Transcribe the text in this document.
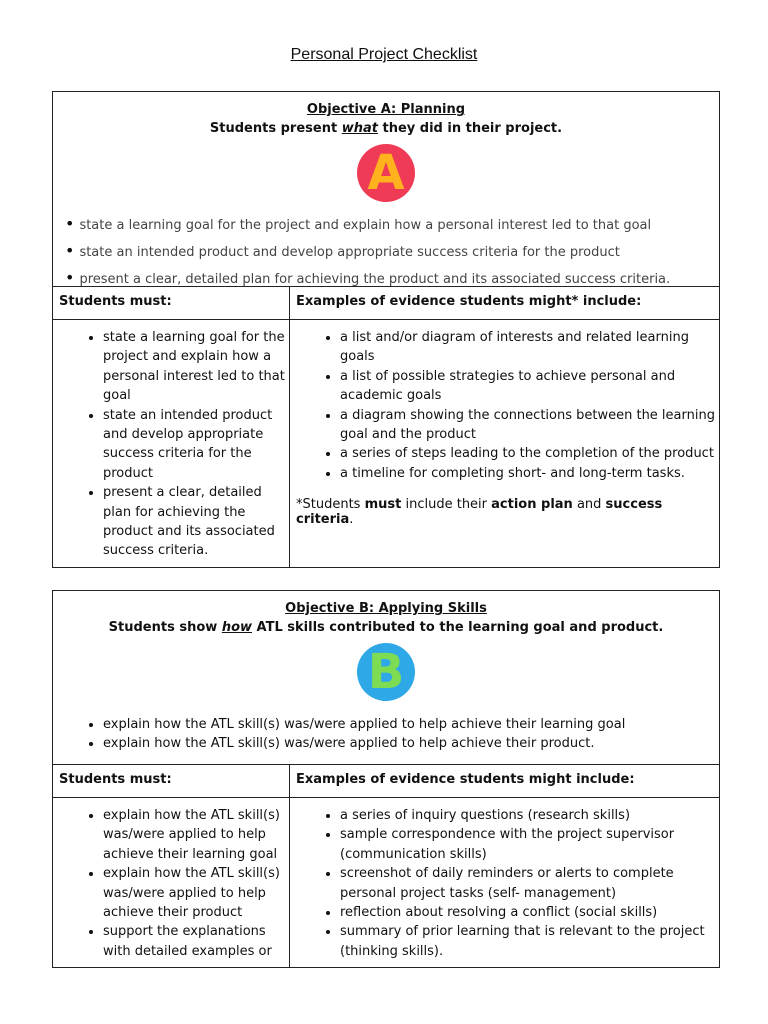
Personal Project Checklist
Objective A: Planning
Students present what they did in their project.
A
• state a learning goal for the project and explain how a personal interest led to that goal
• state an intended product and develop appropriate success criteria for the product
• present a clear, detailed plan for achieving the product and its associated success criteria.
Students must:
• state a learning goal for the project and explain how a personal interest led to that goal
• state an intended product and develop appropriate success criteria for the product
• present a clear, detailed plan for achieving the product and its associated success criteria.
Examples of evidence students might* include:
• a list and/or diagram of interests and related learning goals
• a list of possible strategies to achieve personal and academic goals
• a diagram showing the connections between the learning goal and the product
• a series of steps leading to the completion of the product
• a timeline for completing short- and long-term tasks.
*Students must include their action plan and success criteria.
Objective B: Applying Skills
Students show how ATL skills contributed to the learning goal and product.
B
• explain how the ATL skill(s) was/were applied to help achieve their learning goal
• explain how the ATL skill(s) was/were applied to help achieve their product.
Students must:
• explain how the ATL skill(s) was/were applied to help achieve their learning goal
• explain how the ATL skill(s) was/were applied to help achieve their product
• support the explanations with detailed examples or
Examples of evidence students might include:
• a series of inquiry questions (research skills)
• sample correspondence with the project supervisor (communication skills)
• screenshot of daily reminders or alerts to complete personal project tasks (self- management)
• reflection about resolving a conflict (social skills)
• summary of prior learning that is relevant to the project (thinking skills).
